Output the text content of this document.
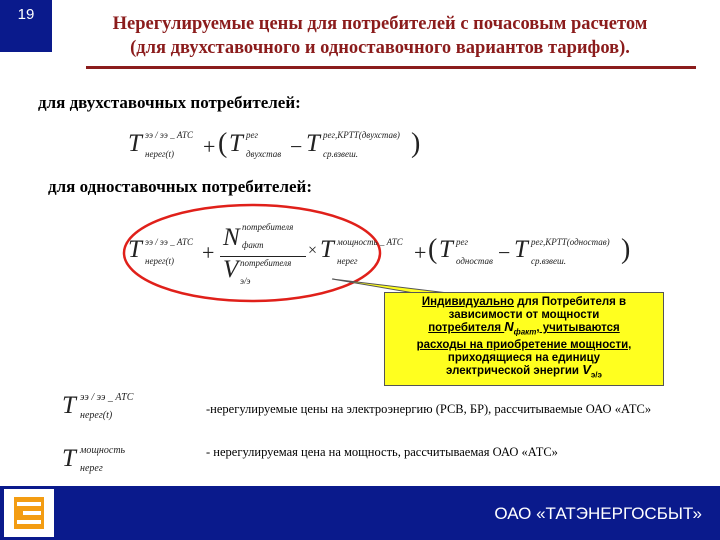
19	Нерегулируемые цены для потребителей с почасовым расчетом
(для двухставочного и одноставочного вариантов тарифов).
для двухставочных потребителей:
T ээ / ээ _ АТС
нерег(t) + ( T рег
двухстав − T рег,КРТТ(двухстав)
ср.взвеш. )
для одноставочных потребителей:
T ээ / ээ _ АТС
нерег(t) +
N потребителя
факт
V потребителя
э/э
× T мощность _ АТС
нерег	+ ( T рег
одностав − T рег,КРТТ(одностав)
ср.взвеш. )
Индивидуально для Потребителя в
зависимости от мощности
потребителя $N_{факт}$, учитываются
расходы на приобретение мощности,
приходящиеся на единицу
электрической энергии $V_{э/э}$
T ээ / ээ _ АТС
нерег(t)
T мощность
нерег
-нерегулируемые цены на электроэнергию (РСВ, БР), рассчитываемые ОАО «АТС»
- нерегулируемая цена на мощность, рассчитываемая ОАО «АТС»
ОАО «ТАТЭНЕРГОСБЫТ»
